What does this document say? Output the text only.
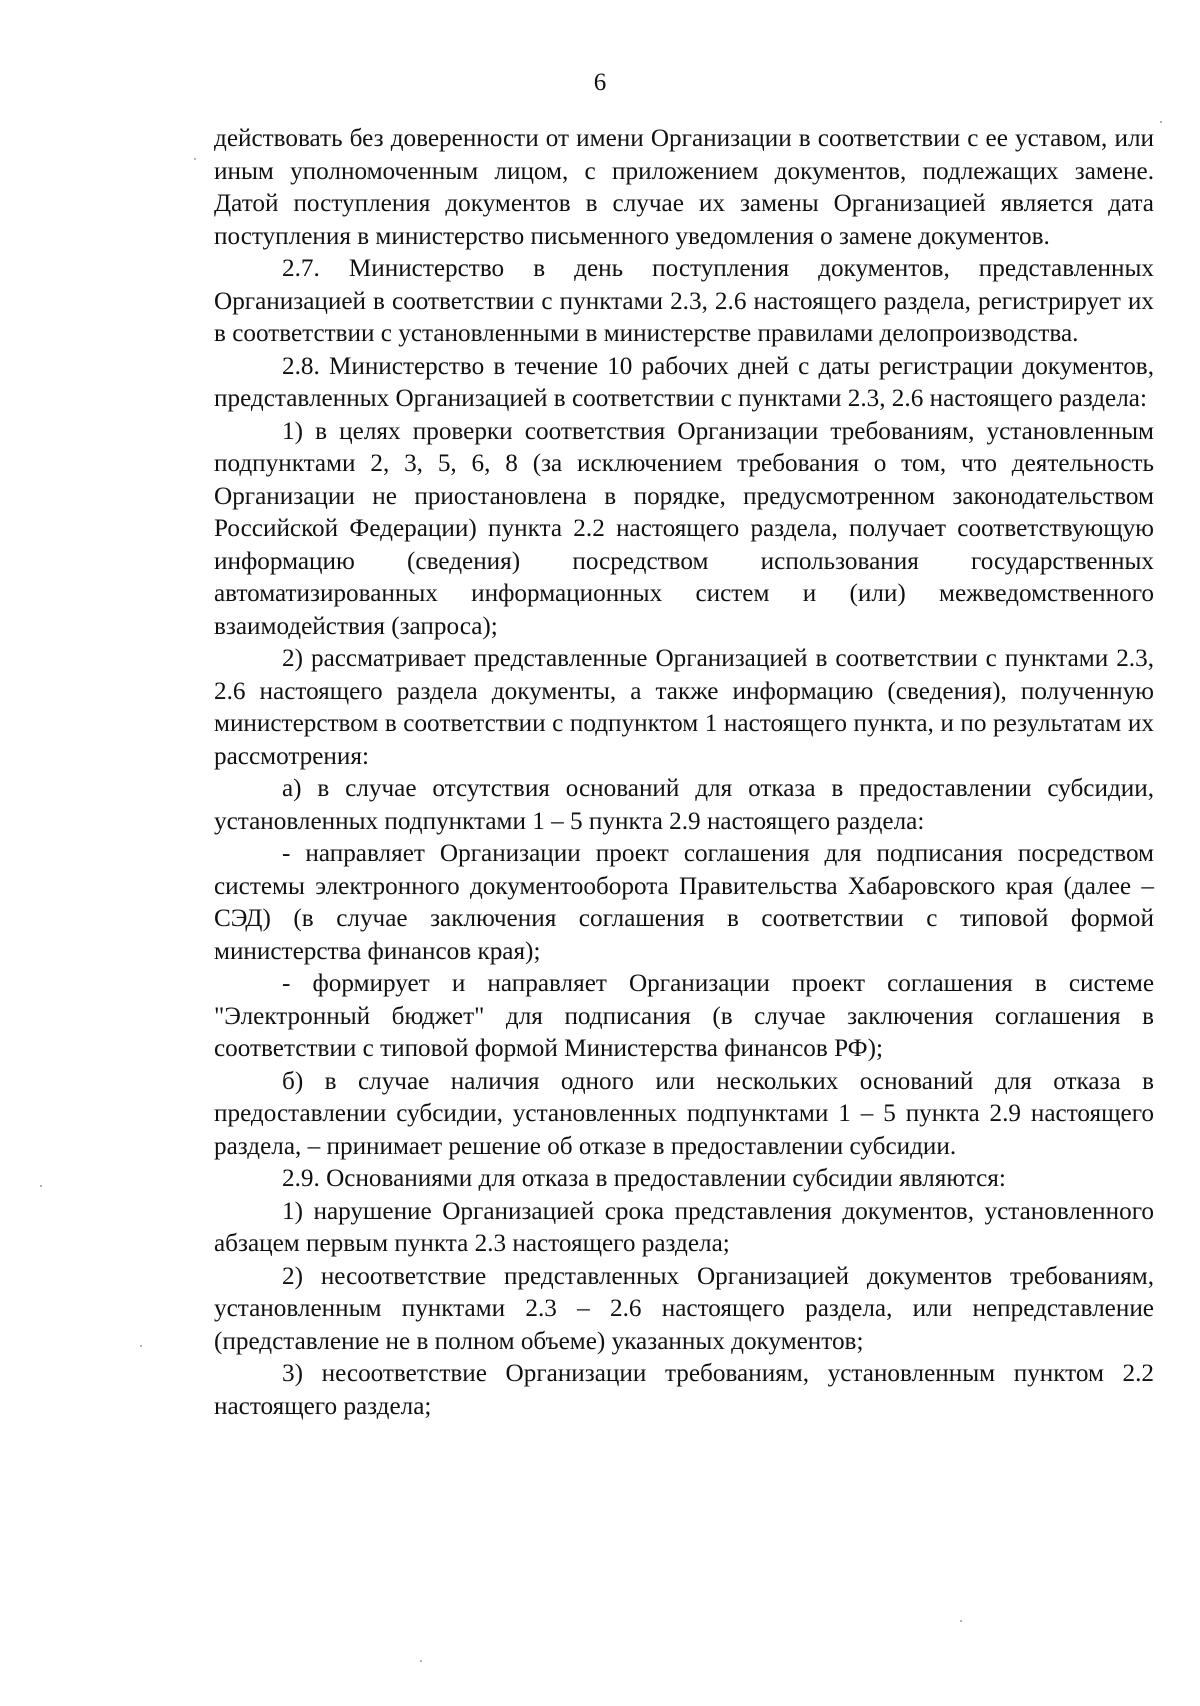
6

действовать без доверенности от имени Организации в соответствии с ее уставом, или иным уполномоченным лицом, с приложением документов, подлежащих замене. Датой поступления документов в случае их замены Организацией является дата поступления в министерство письменного уведомления о замене документов.

2.7. Министерство в день поступления документов, представленных Организацией в соответствии с пунктами 2.3, 2.6 настоящего раздела, регистрирует их в соответствии с установленными в министерстве правилами делопроизводства.

2.8. Министерство в течение 10 рабочих дней с даты регистрации документов, представленных Организацией в соответствии с пунктами 2.3, 2.6 настоящего раздела:

1) в целях проверки соответствия Организации требованиям, установленным подпунктами 2, 3, 5, 6, 8 (за исключением требования о том, что деятельность Организации не приостановлена в порядке, предусмотренном законодательством Российской Федерации) пункта 2.2 настоящего раздела, получает соответствующую информацию (сведения) посредством использования государственных автоматизированных информационных систем и (или) межведомственного взаимодействия (запроса);

2) рассматривает представленные Организацией в соответствии с пунктами 2.3, 2.6 настоящего раздела документы, а также информацию (сведения), полученную министерством в соответствии с подпунктом 1 настоящего пункта, и по результатам их рассмотрения:

а) в случае отсутствия оснований для отказа в предоставлении субсидии, установленных подпунктами 1 – 5 пункта 2.9 настоящего раздела:

- направляет Организации проект соглашения для подписания посредством системы электронного документооборота Правительства Хабаровского края (далее – СЭД) (в случае заключения соглашения в соответствии с типовой формой министерства финансов края);

- формирует и направляет Организации проект соглашения в системе "Электронный бюджет" для подписания (в случае заключения соглашения в соответствии с типовой формой Министерства финансов РФ);

б) в случае наличия одного или нескольких оснований для отказа в предоставлении субсидии, установленных подпунктами 1 – 5 пункта 2.9 настоящего раздела, – принимает решение об отказе в предоставлении субсидии.

2.9. Основаниями для отказа в предоставлении субсидии являются:

1) нарушение Организацией срока представления документов, установленного абзацем первым пункта 2.3 настоящего раздела;

2) несоответствие представленных Организацией документов требованиям, установленным пунктами 2.3 – 2.6 настоящего раздела, или непредставление (представление не в полном объеме) указанных документов;

3) несоответствие Организации требованиям, установленным пунктом 2.2 настоящего раздела;
